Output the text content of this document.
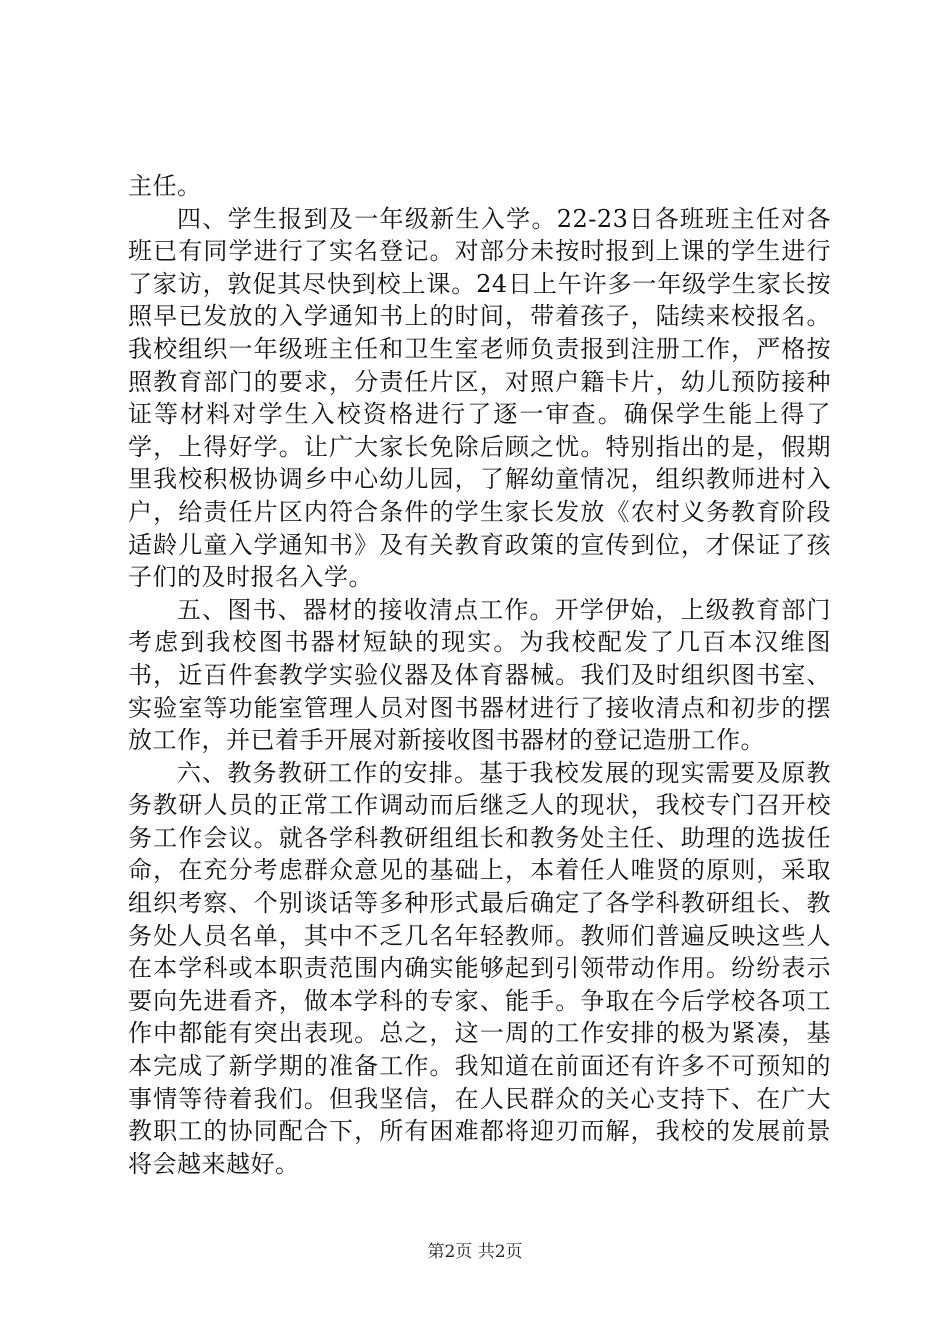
主任。

四、学生报到及一年级新生入学。22-23日各班班主任对各班已有同学进行了实名登记。对部分未按时报到上课的学生进行了家访，敦促其尽快到校上课。24日上午许多一年级学生家长按照早已发放的入学通知书上的时间，带着孩子，陆续来校报名。我校组织一年级班主任和卫生室老师负责报到注册工作，严格按照教育部门的要求，分责任片区，对照户籍卡片，幼儿预防接种证等材料对学生入校资格进行了逐一审查。确保学生能上得了学，上得好学。让广大家长免除后顾之忧。特别指出的是，假期里我校积极协调乡中心幼儿园，了解幼童情况，组织教师进村入户，给责任片区内符合条件的学生家长发放《农村义务教育阶段适龄儿童入学通知书》及有关教育政策的宣传到位，才保证了孩子们的及时报名入学。

五、图书、器材的接收清点工作。开学伊始，上级教育部门考虑到我校图书器材短缺的现实。为我校配发了几百本汉维图书，近百件套教学实验仪器及体育器械。我们及时组织图书室、实验室等功能室管理人员对图书器材进行了接收清点和初步的摆放工作，并已着手开展对新接收图书器材的登记造册工作。

六、教务教研工作的安排。基于我校发展的现实需要及原教务教研人员的正常工作调动而后继乏人的现状，我校专门召开校务工作会议。就各学科教研组组长和教务处主任、助理的选拔任命，在充分考虑群众意见的基础上，本着任人唯贤的原则，采取组织考察、个别谈话等多种形式最后确定了各学科教研组长、教务处人员名单，其中不乏几名年轻教师。教师们普遍反映这些人在本学科或本职责范围内确实能够起到引领带动作用。纷纷表示要向先进看齐，做本学科的专家、能手。争取在今后学校各项工作中都能有突出表现。总之，这一周的工作安排的极为紧凑，基本完成了新学期的准备工作。我知道在前面还有许多不可预知的事情等待着我们。但我坚信，在人民群众的关心支持下、在广大教职工的协同配合下，所有困难都将迎刃而解，我校的发展前景将会越来越好。

第2页 共2页
